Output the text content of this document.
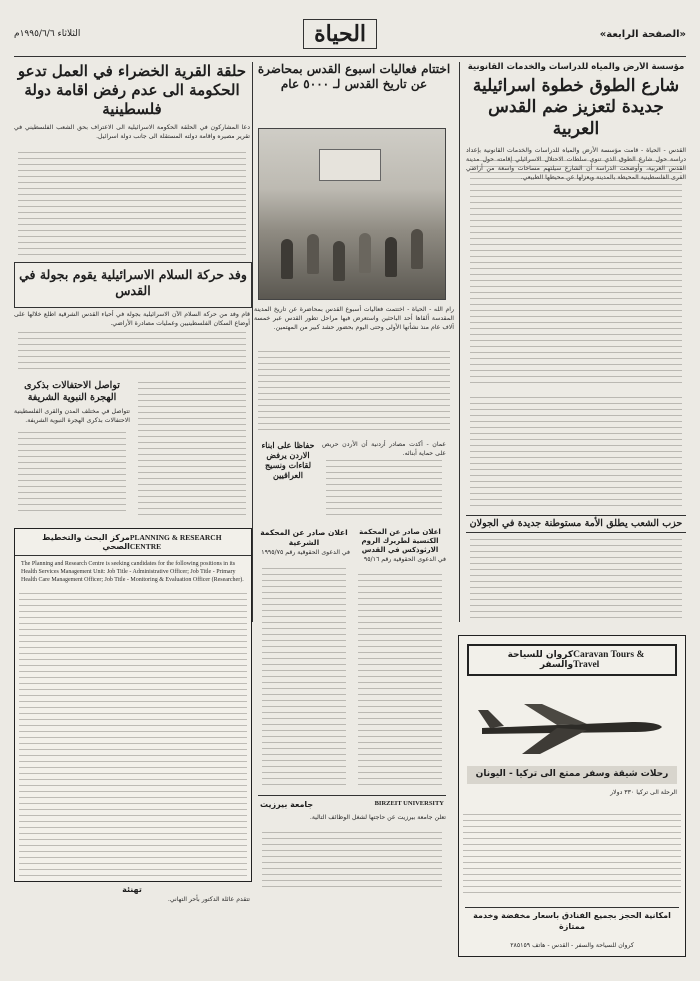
«الصفحة الرابعة»
الحياة
الثلاثاء ١٩٩٥/٦/٦م
مؤسسة الأرض والمياه للدراسات والخدمات القانونية
شارع الطوق خطوة اسرائيلية جديدة لتعزيز ضم القدس العربية
القدس - الحياة - قامت مؤسسة الأرض والمياه للدراسات والخدمات القانونية بإعداد دراسة حول شارع الطوق الذي تنوي سلطات الاحتلال الاسرائيلي إقامته حول مدينة القدس العربية، وأوضحت الدراسة أن الشارع سيلتهم مساحات واسعة من أراضي القرى الفلسطينية المحيطة بالمدينة ويعزلها عن محيطها الطبيعي.
اختتام فعاليات اسبوع القدس بمحاضرة عن تاريخ القدس لـ ٥٠٠٠ عام
رام الله - الحياة - اختتمت فعاليات أسبوع القدس بمحاضرة عن تاريخ المدينة المقدسة ألقاها أحد الباحثين واستعرض فيها مراحل تطور القدس عبر خمسة آلاف عام منذ نشأتها الأولى وحتى اليوم بحضور حشد كبير من المهتمين.
حلقة القرية الخضراء في العمل تدعو الحكومة الى عدم رفض اقامة دولة فلسطينية
دعا المشاركون في الحلقة الحكومة الاسرائيلية الى الاعتراف بحق الشعب الفلسطيني في تقرير مصيره واقامة دولته المستقلة الى جانب دولة اسرائيل.
وفد حركة السلام الاسرائيلية يقوم بجولة في القدس
قام وفد من حركة السلام الآن الاسرائيلية بجولة في أحياء القدس الشرقية اطلع خلالها على أوضاع السكان الفلسطينيين وعمليات مصادرة الأراضي.
تواصل الاحتفالات بذكرى الهجرة النبوية الشريفة
تتواصل في مختلف المدن والقرى الفلسطينية الاحتفالات بذكرى الهجرة النبوية الشريفة.
حفاظا على ابناء الاردن يرفض لقاءات ونسيج العراقيين
عمان - أكدت مصادر أردنية أن الأردن حريص على حماية أبنائه.
حزب الشعب يطلق الأمة مستوطنة جديدة في الجولان
PLANNING & RESEARCH CENTRE
مركز البحث والتخطيط الصحي
The Planning and Research Centre is seeking candidates for the following positions in its Health Services Management Unit: Job Title - Administrative Officer; Job Title - Primary Health Care Management Officer; Job Title - Monitoring & Evaluation Officer (Researcher).
اعلان صادر عن المحكمة الشرعية
في الدعوى الحقوقية رقم ١٩٩٥/٧٥
اعلان صادر عن المحكمة الكنسية لطريرك الروم الارثوذكس في القدس
في الدعوى الحقوقية رقم ٩٥/١٦
BIRZEIT UNIVERSITY
جامعة بيرزيت
تعلن جامعة بيرزيت عن حاجتها لشغل الوظائف التالية.
Caravan Tours & Travel
كروان للسياحة والسفر
رحلات شيقة وسفر ممتع الى تركيا - اليونان
الرحلة الى تركيا ٣٣٠ دولار
امكانية الحجز بجميع الفنادق باسعار مخفضة وخدمة ممتازة
كروان للسياحة والسفر - القدس - هاتف ٢٨٥١٥٩
تهنئة
تتقدم عائلة الدكتور بأحر التهاني.
